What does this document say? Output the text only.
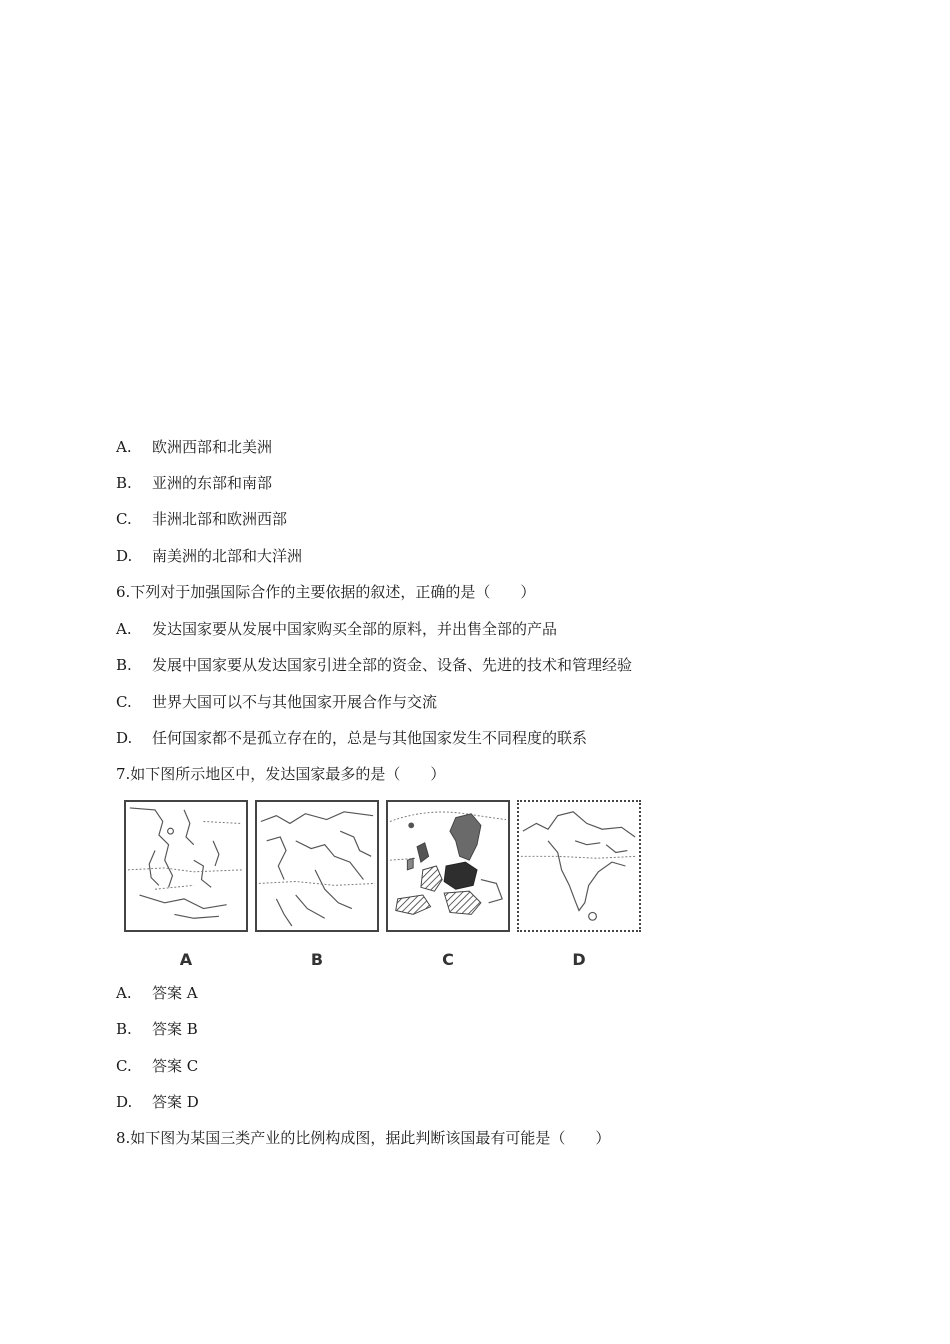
A. 欧洲西部和北美洲
B. 亚洲的东部和南部
C. 非洲北部和欧洲西部
D. 南美洲的北部和大洋洲
6.下列对于加强国际合作的主要依据的叙述，正确的是（　　）
A. 发达国家要从发展中国家购买全部的原料，并出售全部的产品
B. 发展中国家要从发达国家引进全部的资金、设备、先进的技术和管理经验
C. 世界大国可以不与其他国家开展合作与交流
D. 任何国家都不是孤立存在的，总是与其他国家发生不同程度的联系
7.如下图所示地区中，发达国家最多的是（　　）
A	B	C	D
A. 答案 A
B. 答案 B
C. 答案 C
D. 答案 D
8.如下图为某国三类产业的比例构成图，据此判断该国最有可能是（　　）
